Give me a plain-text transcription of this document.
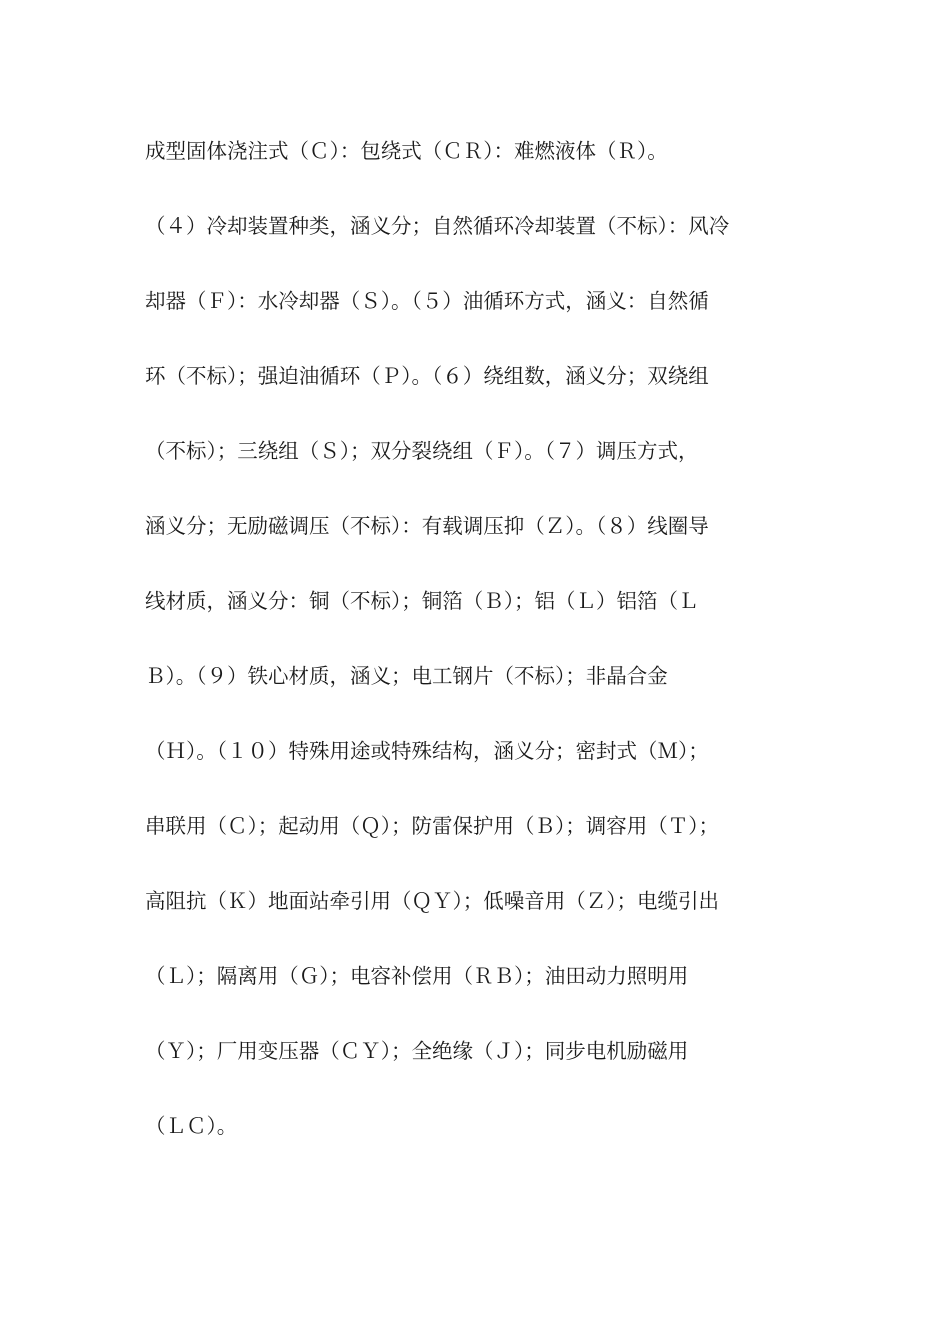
成型固体浇注式（Ｃ）：包绕式（ＣＲ）：难燃液体（Ｒ）。
（４）冷却装置种类，涵义分；自然循环冷却装置（不标）：风冷
却器（Ｆ）：水冷却器（Ｓ）。（５）油循环方式，涵义：自然循
环（不标）；强迫油循环（Ｐ）。（６）绕组数，涵义分；双绕组
（不标）；三绕组（Ｓ）；双分裂绕组（Ｆ）。（７）调压方式，
涵义分；无励磁调压（不标）：有载调压抑（Ｚ）。（８）线圈导
线材质，涵义分：铜（不标）；铜箔（Ｂ）；铝（Ｌ）铝箔（Ｌ
Ｂ）。（９）铁心材质，涵义；电工钢片（不标）；非晶合金
（Ｈ）。（１０）特殊用途或特殊结构，涵义分；密封式（Ｍ）；
串联用（Ｃ）；起动用（Ｑ）；防雷保护用（Ｂ）；调容用（Ｔ）；
高阻抗（Ｋ）地面站牵引用（ＱＹ）；低噪音用（Ｚ）；电缆引出
（Ｌ）；隔离用（Ｇ）；电容补偿用（ＲＢ）；油田动力照明用
（Ｙ）；厂用变压器（ＣＹ）；全绝缘（Ｊ）；同步电机励磁用
（ＬＣ）。
